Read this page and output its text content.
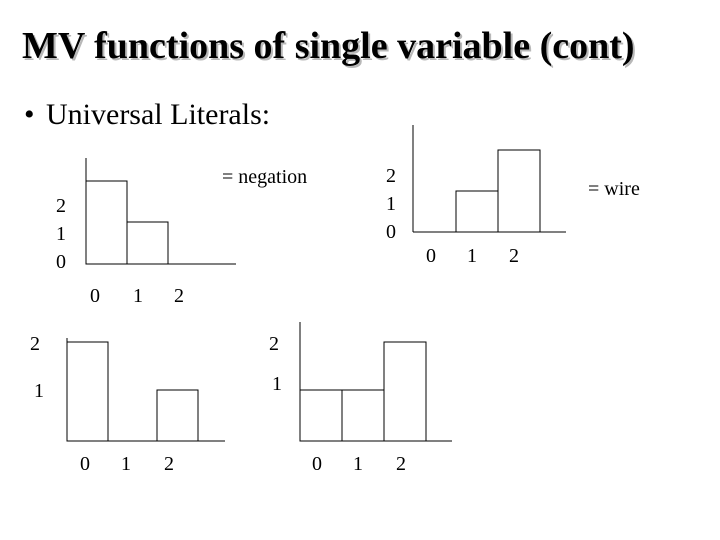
MV functions of single variable (cont)
• Universal Literals:
= negation
= wire
2
1
0
0 1 2
2
1
0
0 1 2
2
1
0 1 2
2
1
0 1 2
